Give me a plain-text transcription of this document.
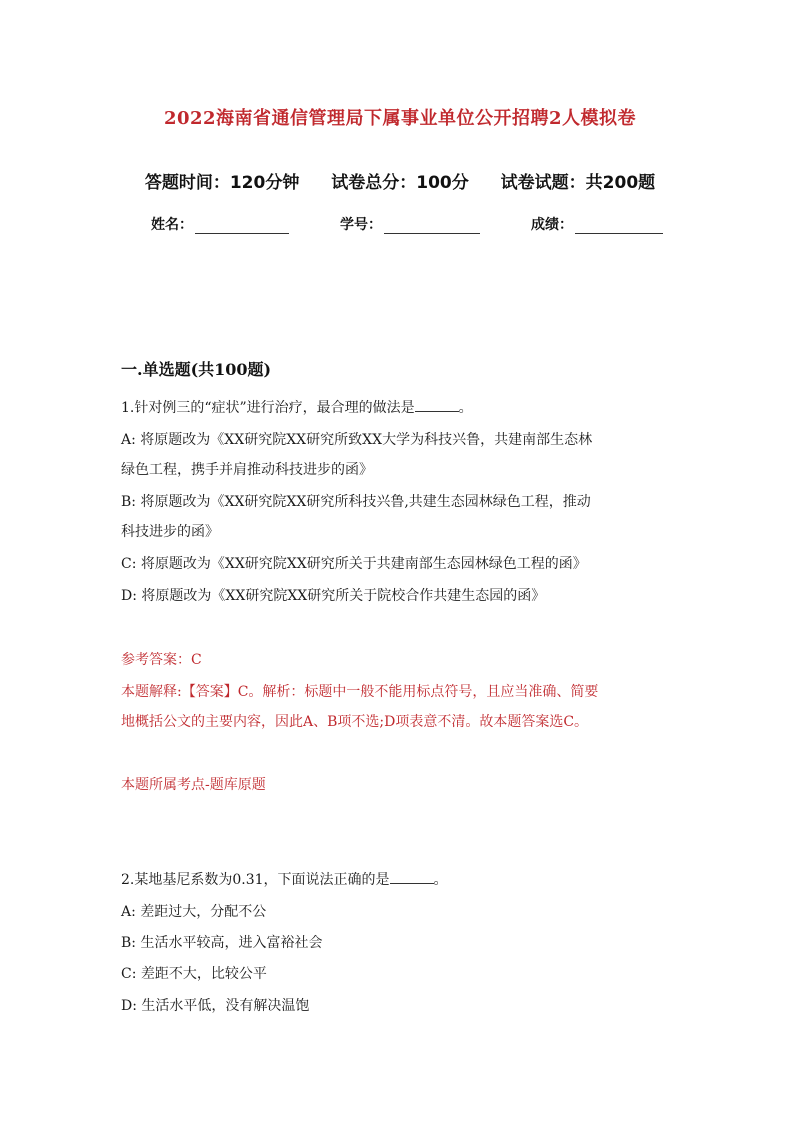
2022海南省通信管理局下属事业单位公开招聘2人模拟卷
答题时间：120分钟 试卷总分：100分 试卷试题：共200题
姓名：	学号：	成绩：
一.单选题(共100题)
1.针对例三的“症状”进行治疗，最合理的做法是	。
A: 将原题改为《XX研究院XX研究所致XX大学为科技兴鲁，共建南部生态林
绿色工程，携手并肩推动科技进步的函》
B: 将原题改为《XX研究院XX研究所科技兴鲁,共建生态园林绿色工程，推动
科技进步的函》
C: 将原题改为《XX研究院XX研究所关于共建南部生态园林绿色工程的函》
D: 将原题改为《XX研究院XX研究所关于院校合作共建生态园的函》
参考答案：C
本题解释:【答案】C。解析：标题中一般不能用标点符号，且应当准确、简要
地概括公文的主要内容，因此A、B项不选;D项表意不清。故本题答案选C。
本题所属考点-题库原题
2.某地基尼系数为0.31，下面说法正确的是	。
A: 差距过大，分配不公
B: 生活水平较高，进入富裕社会
C: 差距不大，比较公平
D: 生活水平低，没有解决温饱
